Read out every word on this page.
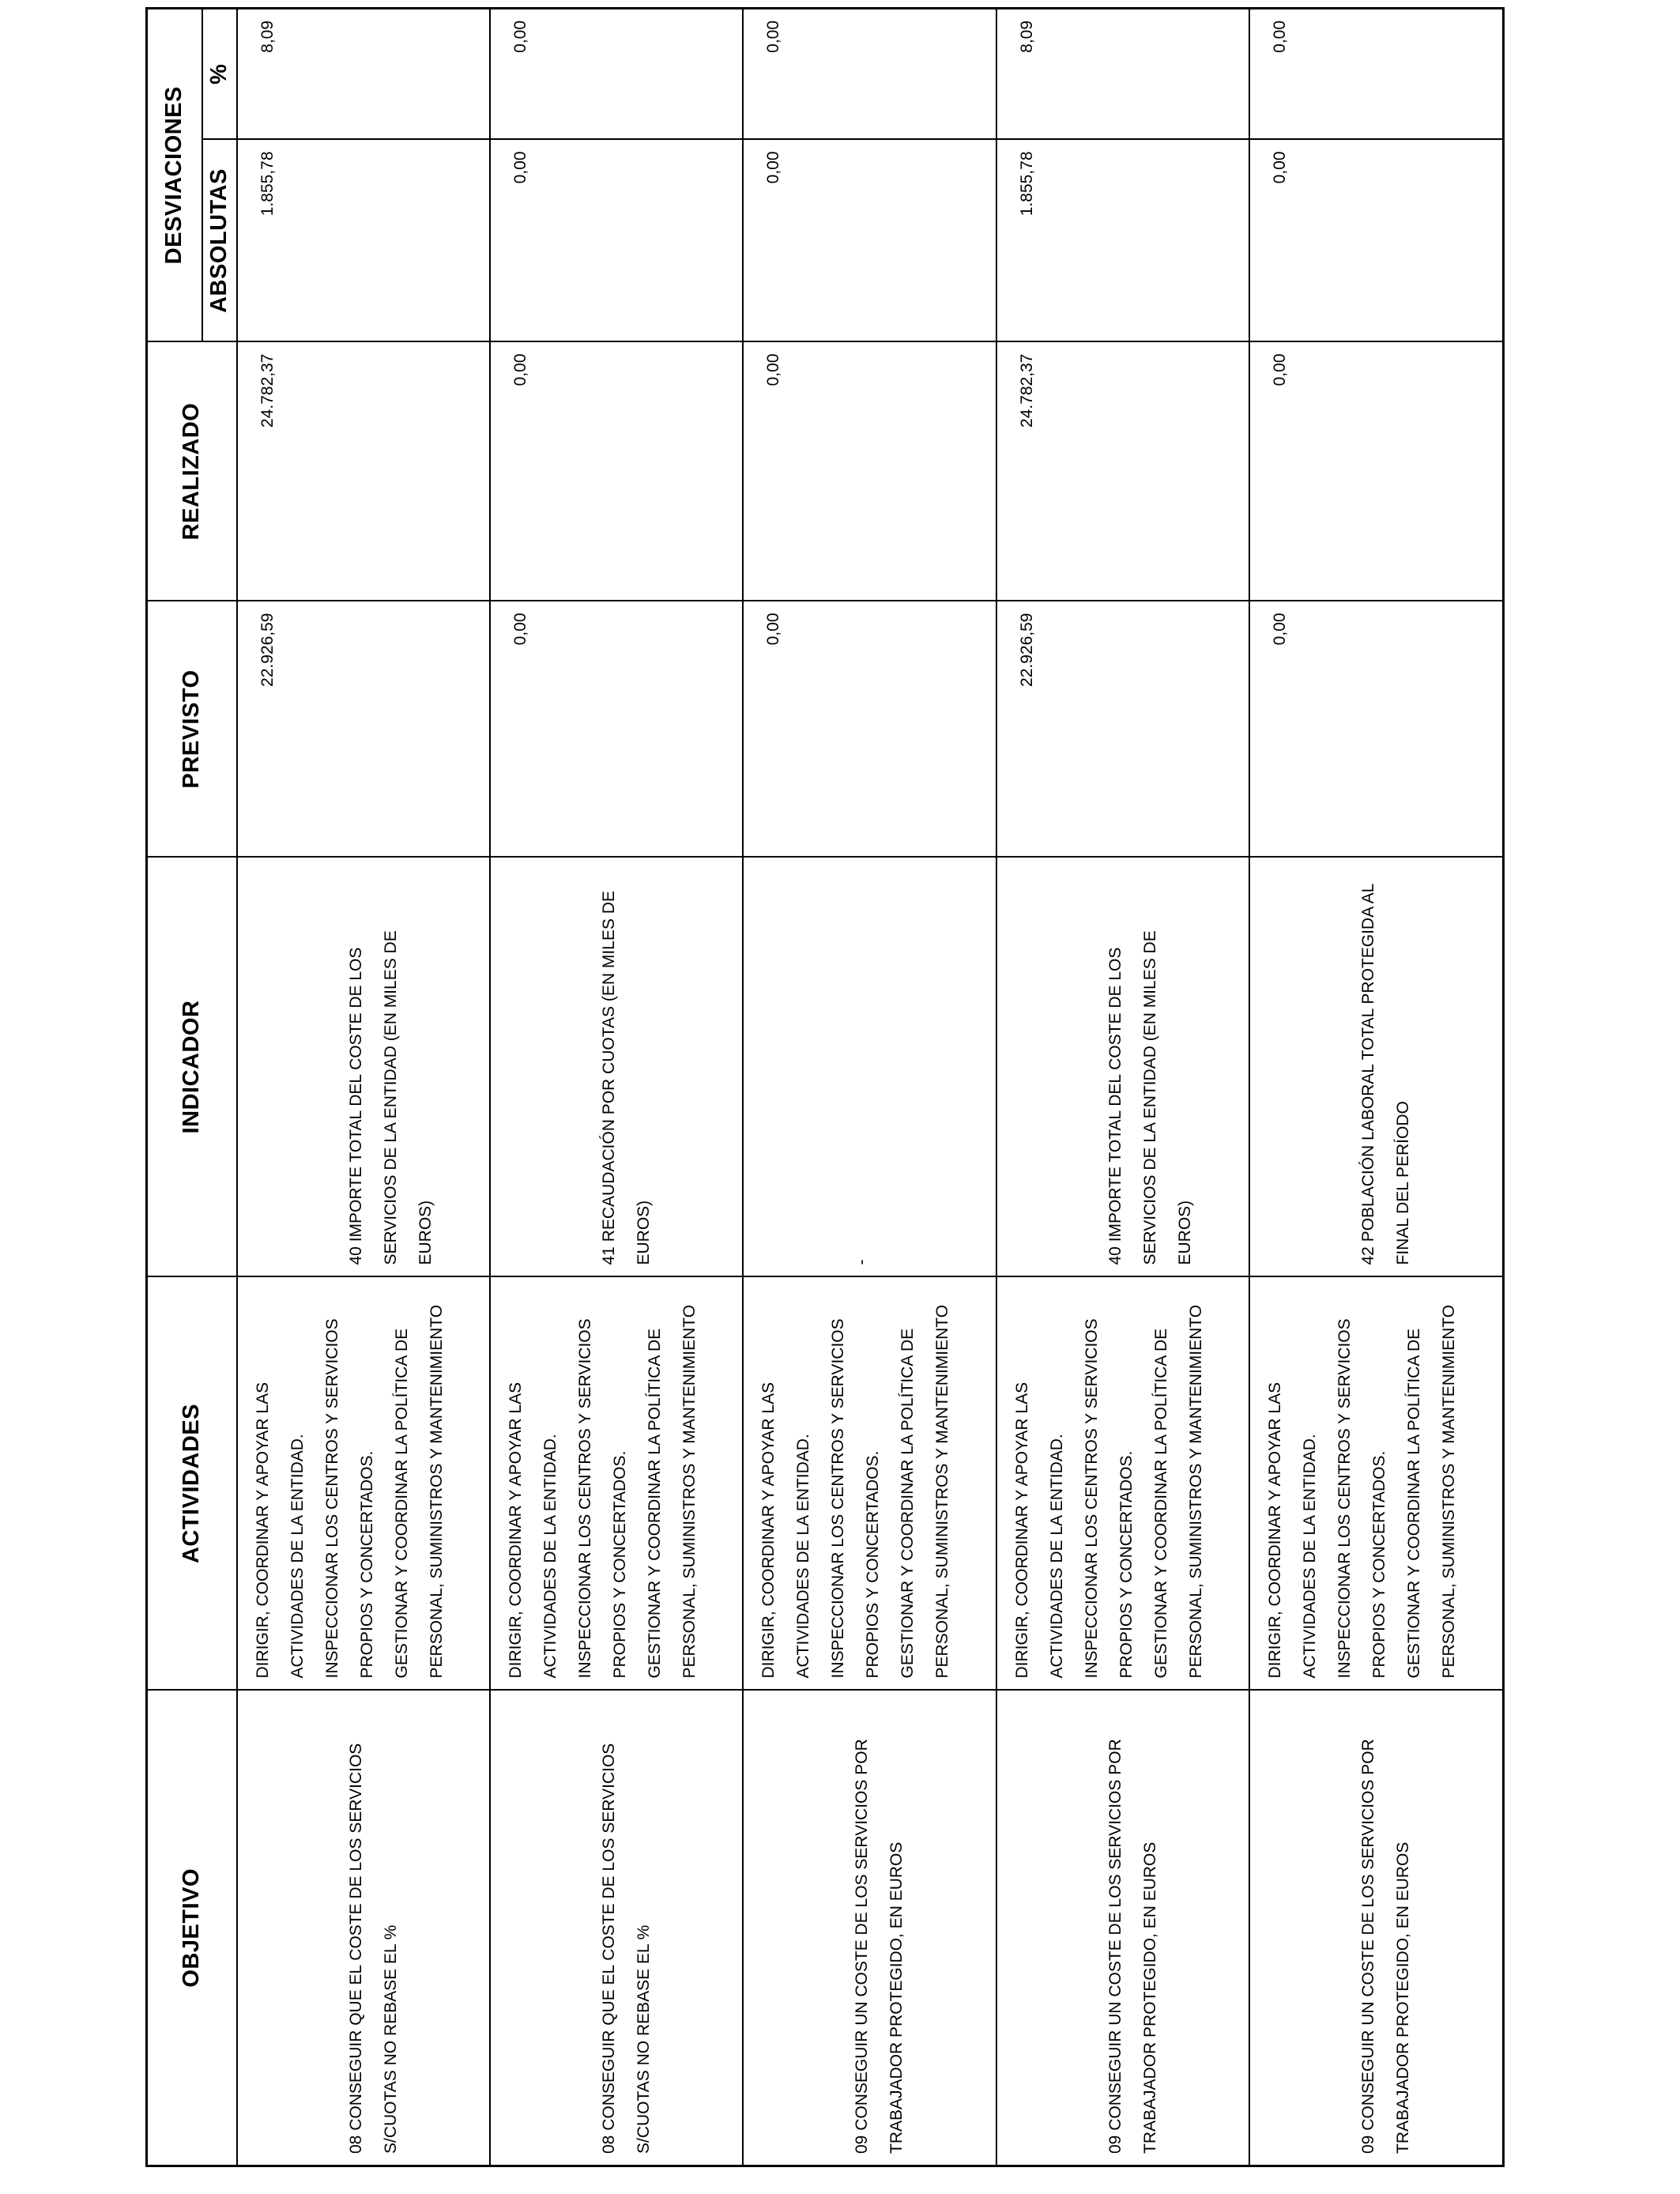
OBJETIVO	ACTIVIDADES	INDICADOR	PREVISTO	REALIZADO	DESVIACIONES	
					ABSOLUTAS	%

08 CONSEGUIR QUE EL COSTE DE LOS SERVICIOS S/CUOTAS NO REBASE EL %	DIRIGIR, COORDINAR Y APOYAR LAS ACTIVIDADES DE LA ENTIDAD. INSPECCIONAR LOS CENTROS Y SERVICIOS PROPIOS Y CONCERTADOS. GESTIONAR Y COORDINAR LA POLÍTICA DE PERSONAL, SUMINISTROS Y MANTENIMIENTO	40 IMPORTE TOTAL DEL COSTE DE LOS SERVICIOS DE LA ENTIDAD (EN MILES DE EUROS)	22.926,59	24.782,37	1.855,78	8,09

08 CONSEGUIR QUE EL COSTE DE LOS SERVICIOS S/CUOTAS NO REBASE EL %	DIRIGIR, COORDINAR Y APOYAR LAS ACTIVIDADES DE LA ENTIDAD. INSPECCIONAR LOS CENTROS Y SERVICIOS PROPIOS Y CONCERTADOS. GESTIONAR Y COORDINAR LA POLÍTICA DE PERSONAL, SUMINISTROS Y MANTENIMIENTO	41 RECAUDACIÓN POR CUOTAS (EN MILES DE EUROS)	0,00	0,00	0,00	0,00

09 CONSEGUIR UN COSTE DE LOS SERVICIOS POR TRABAJADOR PROTEGIDO, EN EUROS	DIRIGIR, COORDINAR Y APOYAR LAS ACTIVIDADES DE LA ENTIDAD. INSPECCIONAR LOS CENTROS Y SERVICIOS PROPIOS Y CONCERTADOS. GESTIONAR Y COORDINAR LA POLÍTICA DE PERSONAL, SUMINISTROS Y MANTENIMIENTO	-	0,00	0,00	0,00	0,00

09 CONSEGUIR UN COSTE DE LOS SERVICIOS POR TRABAJADOR PROTEGIDO, EN EUROS	DIRIGIR, COORDINAR Y APOYAR LAS ACTIVIDADES DE LA ENTIDAD. INSPECCIONAR LOS CENTROS Y SERVICIOS PROPIOS Y CONCERTADOS. GESTIONAR Y COORDINAR LA POLÍTICA DE PERSONAL, SUMINISTROS Y MANTENIMIENTO	40 IMPORTE TOTAL DEL COSTE DE LOS SERVICIOS DE LA ENTIDAD (EN MILES DE EUROS)	22.926,59	24.782,37	1.855,78	8,09

09 CONSEGUIR UN COSTE DE LOS SERVICIOS POR TRABAJADOR PROTEGIDO, EN EUROS	DIRIGIR, COORDINAR Y APOYAR LAS ACTIVIDADES DE LA ENTIDAD. INSPECCIONAR LOS CENTROS Y SERVICIOS PROPIOS Y CONCERTADOS. GESTIONAR Y COORDINAR LA POLÍTICA DE PERSONAL, SUMINISTROS Y MANTENIMIENTO	42 POBLACIÓN LABORAL TOTAL PROTEGIDA AL FINAL DEL PERÍODO	0,00	0,00	0,00	0,00
